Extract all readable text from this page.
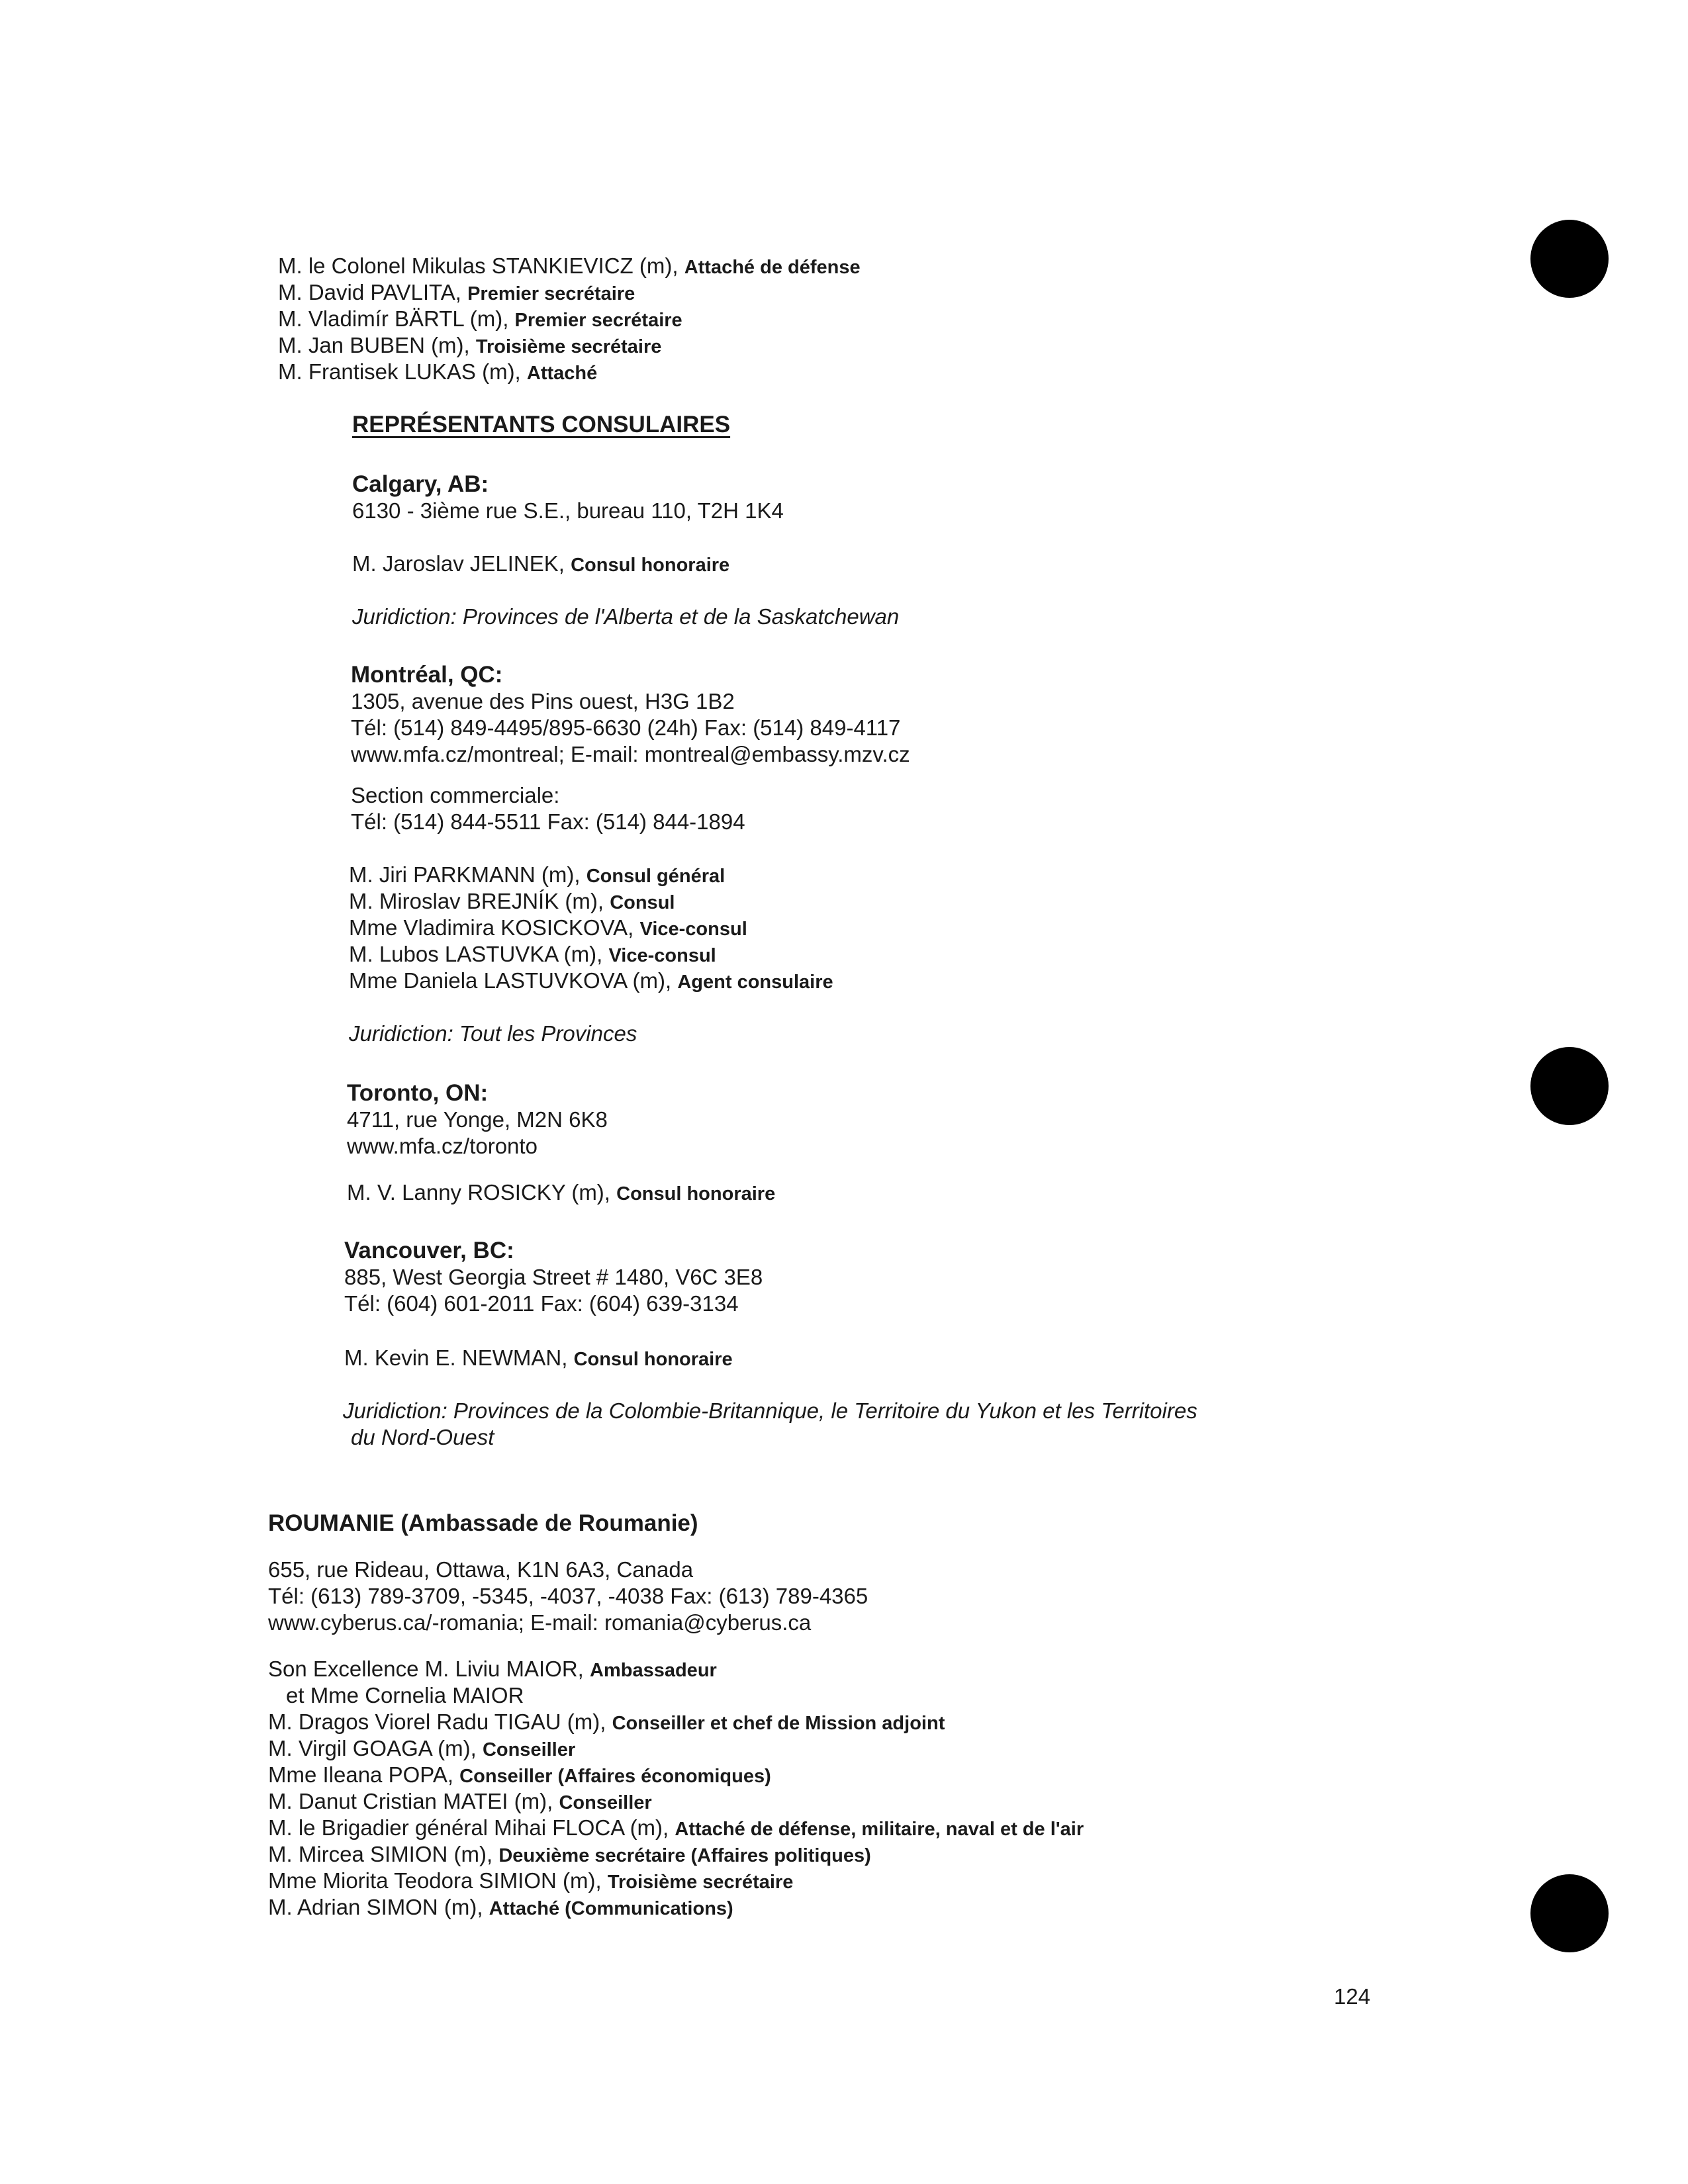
M. le Colonel Mikulas STANKIEVICZ (m), Attaché de défense
M. David PAVLITA, Premier secrétaire
M. Vladimír BÄRTL (m), Premier secrétaire
M. Jan BUBEN (m), Troisième secrétaire
M. Frantisek LUKAS (m), Attaché
REPRÉSENTANTS CONSULAIRES
Calgary, AB:
6130 - 3ième rue S.E., bureau 110, T2H 1K4
M. Jaroslav JELINEK, Consul honoraire
Juridiction: Provinces de l'Alberta et de la Saskatchewan
Montréal, QC:
1305, avenue des Pins ouest, H3G 1B2
Tél: (514) 849-4495/895-6630 (24h) Fax: (514) 849-4117
www.mfa.cz/montreal; E-mail: montreal@embassy.mzv.cz
Section commerciale:
Tél: (514) 844-5511 Fax: (514) 844-1894
M. Jiri PARKMANN (m), Consul général
M. Miroslav BREJNÍK (m), Consul
Mme Vladimira KOSICKOVA, Vice-consul
M. Lubos LASTUVKA (m), Vice-consul
Mme Daniela LASTUVKOVA (m), Agent consulaire
Juridiction: Tout les Provinces
Toronto, ON:
4711, rue Yonge, M2N 6K8
www.mfa.cz/toronto
M. V. Lanny ROSICKY (m), Consul honoraire
Vancouver, BC:
885, West Georgia Street # 1480, V6C 3E8
Tél: (604) 601-2011 Fax: (604) 639-3134
M. Kevin E. NEWMAN, Consul honoraire
Juridiction: Provinces de la Colombie-Britannique, le Territoire du Yukon et les Territoires
du Nord-Ouest
ROUMANIE (Ambassade de Roumanie)
655, rue Rideau, Ottawa, K1N 6A3, Canada
Tél: (613) 789-3709, -5345, -4037, -4038 Fax: (613) 789-4365
www.cyberus.ca/-romania; E-mail: romania@cyberus.ca
Son Excellence M. Liviu MAIOR, Ambassadeur
et Mme Cornelia MAIOR
M. Dragos Viorel Radu TIGAU (m), Conseiller et chef de Mission adjoint
M. Virgil GOAGA (m), Conseiller
Mme Ileana POPA, Conseiller (Affaires économiques)
M. Danut Cristian MATEI (m), Conseiller
M. le Brigadier général Mihai FLOCA (m), Attaché de défense, militaire, naval et de l'air
M. Mircea SIMION (m), Deuxième secrétaire (Affaires politiques)
Mme Miorita Teodora SIMION (m), Troisième secrétaire
M. Adrian SIMON (m), Attaché (Communications)
124
